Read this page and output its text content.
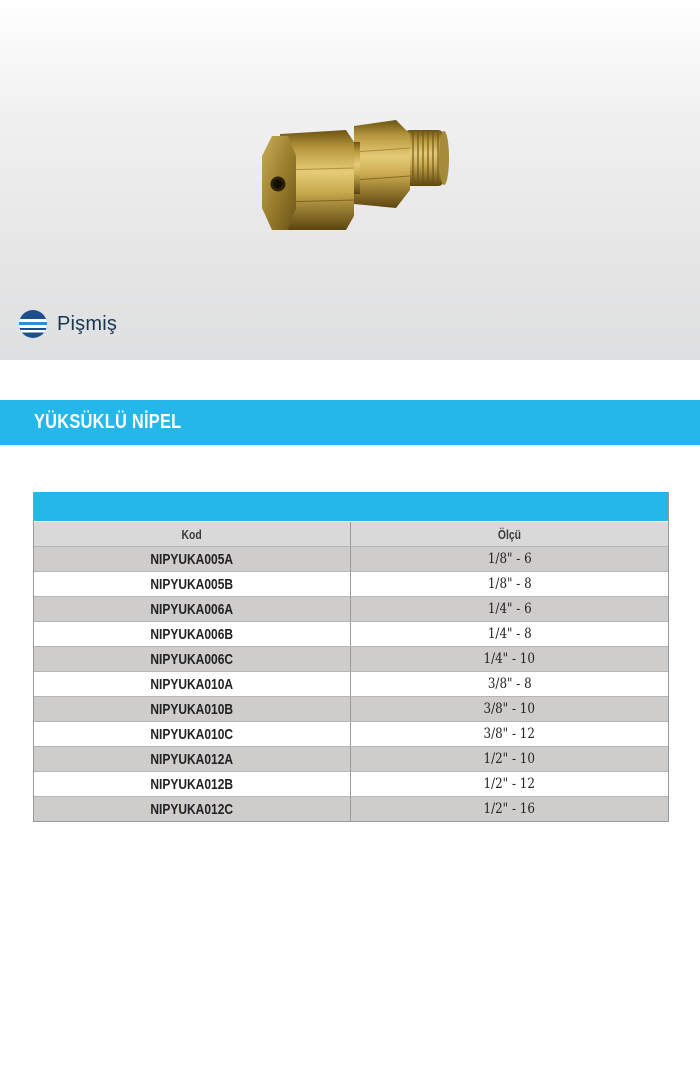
Pişmiş
YÜKSÜKLÜ NİPEL
Kod	Ölçü
NIPYUKA005A	1/8" - 6
NIPYUKA005B	1/8" - 8
NIPYUKA006A	1/4" - 6
NIPYUKA006B	1/4" - 8
NIPYUKA006C	1/4" - 10
NIPYUKA010A	3/8" - 8
NIPYUKA010B	3/8" - 10
NIPYUKA010C	3/8" - 12
NIPYUKA012A	1/2" - 10
NIPYUKA012B	1/2" - 12
NIPYUKA012C	1/2" - 16
